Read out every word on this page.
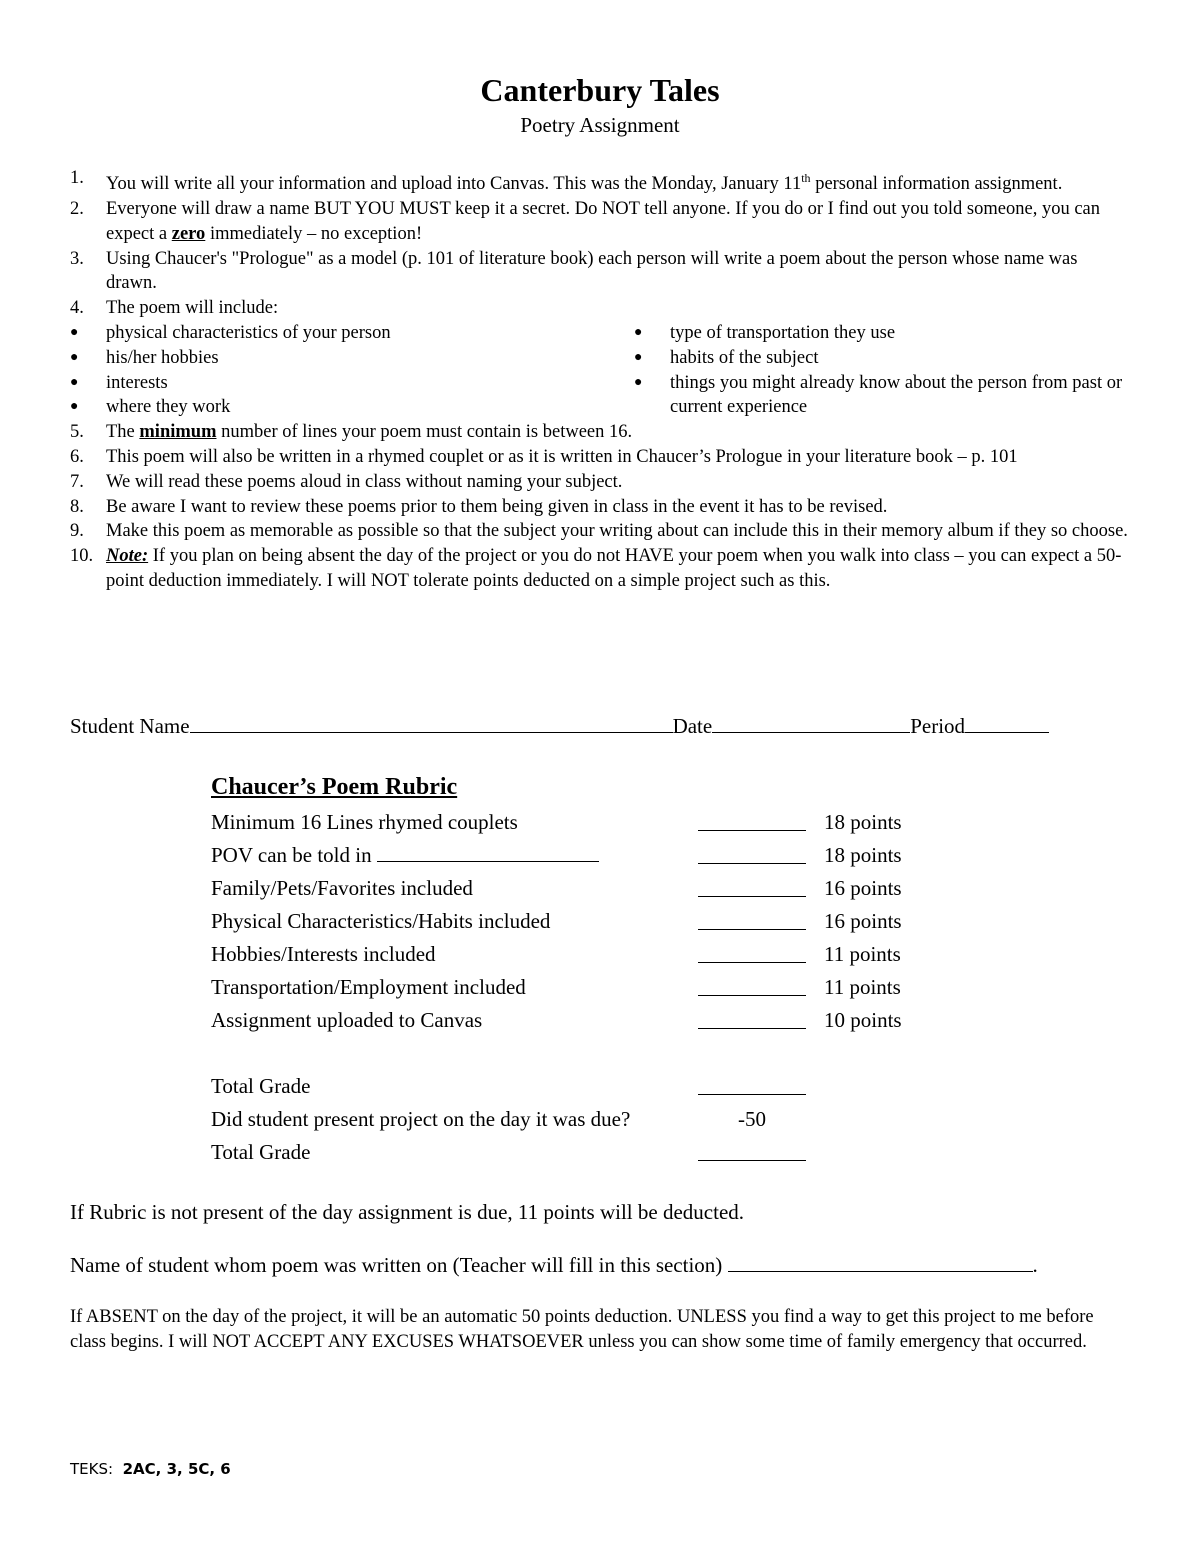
Canterbury Tales
Poetry Assignment
1.	You will write all your information and upload into Canvas. This was the Monday, January 11th personal information assignment.
2.	Everyone will draw a name BUT YOU MUST keep it a secret. Do NOT tell anyone. If you do or I find out you told someone, you can expect a zero immediately – no exception!
3.	Using Chaucer's "Prologue" as a model (p. 101 of literature book) each person will write a poem about the person whose name was drawn.
4.	The poem will include:
●	physical characteristics of your person
●	his/her hobbies
●	interests
●	where they work
●	type of transportation they use
●	habits of the subject
●	things you might already know about the person from past or current experience
5.	The minimum number of lines your poem must contain is between 16.
6.	This poem will also be written in a rhymed couplet or as it is written in Chaucer’s Prologue in your literature book – p. 101
7.	We will read these poems aloud in class without naming your subject.
8.	Be aware I want to review these poems prior to them being given in class in the event it has to be revised.
9.	Make this poem as memorable as possible so that the subject your writing about can include this in their memory album if they so choose.
10. Note: If you plan on being absent the day of the project or you do not HAVE your poem when you walk into class – you can expect a 50-point deduction immediately. I will NOT tolerate points deducted on a simple project such as this.
Student Name	Date	Period
Chaucer’s Poem Rubric
Minimum 16 Lines rhymed couplets	18 points
POV can be told in	18 points
Family/Pets/Favorites included	16 points
Physical Characteristics/Habits included	16 points
Hobbies/Interests included	11 points
Transportation/Employment included	11 points
Assignment uploaded to Canvas	10 points
Total Grade
Did student present project on the day it was due?	-50
Total Grade
If Rubric is not present of the day assignment is due, 11 points will be deducted.
Name of student whom poem was written on (Teacher will fill in this section)	.
If ABSENT on the day of the project, it will be an automatic 50 points deduction. UNLESS you find a way to get this project to me before class begins. I will NOT ACCEPT ANY EXCUSES WHATSOEVER unless you can show some time of family emergency that occurred.
TEKS: 2AC, 3, 5C, 6
